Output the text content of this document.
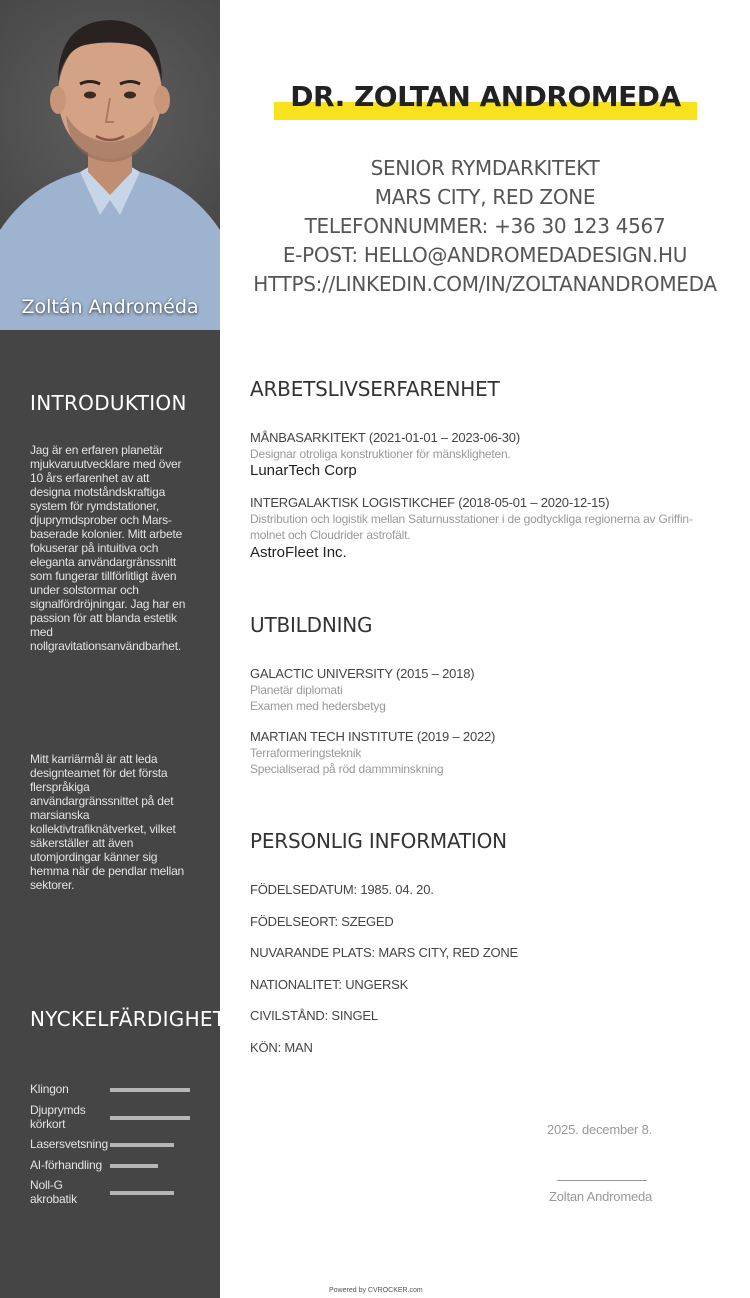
Zoltán Androméda
INTRODUKTION

Jag är en erfaren planetär mjukvaruutvecklare med över 10 års erfarenhet av att designa motståndskraftiga system för rymdstationer, djuprymdsprober och Mars-baserade kolonier. Mitt arbete fokuserar på intuitiva och eleganta användargränssnitt som fungerar tillförlitligt även under solstormar och signalfördröjningar. Jag har en passion för att blanda estetik med nollgravitationsanvändbarhet.

Mitt karriärmål är att leda designteamet för det första flerspråkiga användargränssnittet på det marsianska kollektivtrafiknätverket, vilket säkerställer att även utomjordingar känner sig hemma när de pendlar mellan sektorer.

NYCKELFÄRDIGHETER:
Klingon
Djuprymds körkort
Lasersvetsning
AI-förhandling
Noll-G akrobatik
DR. ZOLTAN ANDROMEDA
SENIOR RYMDARKITEKT
MARS CITY, RED ZONE
TELEFONNUMMER: +36 30 123 4567
E-POST: HELLO@ANDROMEDADESIGN.HU
HTTPS://LINKEDIN.COM/IN/ZOLTANANDROMEDA
ARBETSLIVSERFARENHET
MÅNBASARKITEKT (2021-01-01 – 2023-06-30)
Designar otroliga konstruktioner för mänskligheten.
LunarTech Corp
INTERGALAKTISK LOGISTIKCHEF (2018-05-01 – 2020-12-15)
Distribution och logistik mellan Saturnusstationer i de godtyckliga regionerna av Griffin-molnet och Cloudrider astrofält.
AstroFleet Inc.
UTBILDNING
GALACTIC UNIVERSITY (2015 – 2018)
Planetär diplomati
Examen med hedersbetyg
MARTIAN TECH INSTITUTE (2019 – 2022)
Terraformeringsteknik
Specialiserad på röd dammminskning
PERSONLIG INFORMATION
FÖDELSEDATUM: 1985. 04. 20.
FÖDELSEORT: SZEGED
NUVARANDE PLATS: MARS CITY, RED ZONE
NATIONALITET: UNGERSK
CIVILSTÅND: SINGEL
KÖN: MAN
2025. december 8.
Zoltan Andromeda
Powered by CVROCKER.com
